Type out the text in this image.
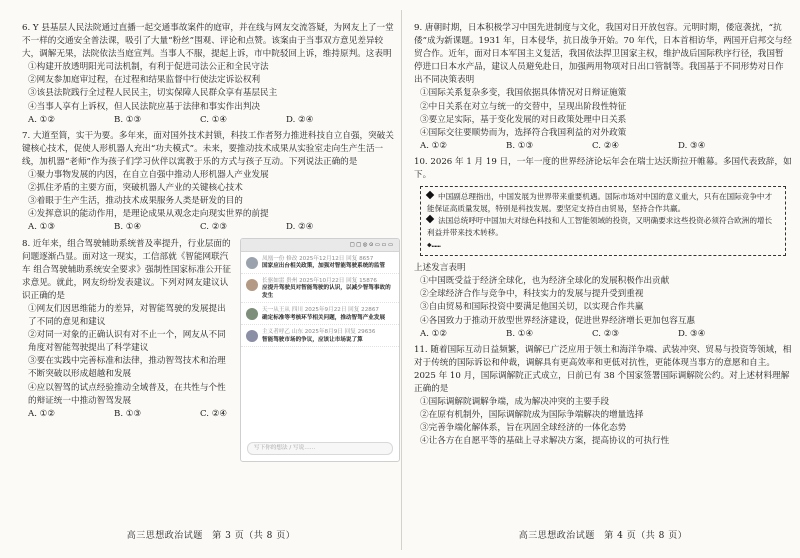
6. Y 县基层人民法院通过直播一起交通事故案件的庭审，并在线与网友交流答疑，为网友上了一堂不一样的交通安全普法课，吸引了大量“粉丝”围观、评论和点赞。该案由于当事双方意见差异较大，调解无果，法院依法当庭宣判。当事人不服，提起上诉，市中院驳回上诉，维持原判。这表明
①构建开放透明阳光司法机制，有利于促进司法公正和全民守法
②网友参加庭审过程，在过程和结果监督中行使法定诉讼权利
③该县法院践行全过程人民民主，切实保障人民群众享有基层民主
④当事人享有上诉权，但人民法院应基于法律和事实作出判决
A. ①②	B. ①③	C. ①④	D. ②④
7. 大道至简，实干为要。多年来，面对国外技术封锁，科技工作者努力推进科技自立自强，突破关键核心技术，促使人形机器人充出“功夫模式”。未来，要推动技术成果从实验室走向生产生活一线，加机器“老师”作为孩子们学习伙伴以寓教于乐的方式与孩子互动。下列说法正确的是
①聚力事物发展的内因，在自立自强中推动人形机器人产业发展
②抓住矛盾的主要方面，突破机器人产业的关键核心技术
③着眼于生产生活，推动技术成果服务人类是研发的目的
④发挥意识的能动作用，是理论成果从观念走向现实世界的前提
A. ①③	B. ①④	C. ②③	D. ②④
8. 近年来，组合驾驶辅助系统普及率提升，行业层面的问题逐渐凸显。面对这一现实，工信部就《智能网联汽车 组合驾驶辅助系统安全要求》强制性国家标准公开征求意见。就此，网友纷纷发表建议。下列对网友建议认识正确的是
①网友们因思维能力的差异，对智能驾驶的发展提出了不同的意见和建议
②对同一对象的正确认识有对不止一个，网友从不同角度对智能驾驶提出了科学建议
③要在实践中完善标准和法律，推动智驾技术和治理不断突破以形成超越和发展
④应以智驾的试点经验推动全域普及，在共性与个性的辩证统一中推动智驾发展
A. ①②	B. ①③	C. ②④
□ □ ◎ ⊙ ▭ ▭ ▭
凤凰一份 修改 2025年12月12日 回复 8657
国家应出台相关政策，加强对智能驾驶系统的监管
长驱如雷 贵州 2025年10月22日 回复 15876
应提升驾驶员对智能驾驶的认识，以减少智驾事故的发生
天一从王从 四川 2025年9月22日 回复 22867
确定标准等考核环节相关问题，推动智驾产业发展
主义者呼乙 山东 2025年8月9日 回复 29636
智能驾驶市场的争议，应该让市场说了算
写下你的想法 / 写说……
9. 唐朝时期，日本积极学习中国先进制度与文化，我国对日开放包容。元明时期，倭寇袭扰，“抗倭”成为新课题。1931 年，日本侵华，抗日战争开始。70 年代，日本首相访华，两国开启邦交与经贸合作。近年，面对日本军国主义复活，我国依法捍卫国家主权，维护战后国际秩序行径，我国暂停进口日本水产品，建议人员避免赴日，加强两用物项对日出口管制等。我国基于不同形势对日作出不同决策表明
①国际关系复杂多变，我国依据具体情况对日辩证施策
②中日关系在对立与统一的交替中，呈现出阶段性特征
③要立足实际，基于变化发展的对日政策处理中日关系
④国际交往要顺势而为，选择符合我国利益的对外政策
A. ①②	B. ①③	C. ②④	D. ③④
10. 2026 年 1 月 19 日，一年一度的世界经济论坛年会在瑞士达沃斯拉开帷幕。多国代表致辞，如下。
中国副总理指出，中国发展为世界带来重要机遇。国际市场对中国的意义重大，只有在国际竞争中才能保证高质量发展，特别是科技发展。要坚定支持自由贸易，坚持合作共赢。
法国总统呼吁中国加大对绿色科技和人工智能领域的投资，又明确要求这些投资必须符合欧洲的增长利益并带来技术转移。
◆……
上述发言表明
①中国既受益于经济全球化，也为经济全球化的发展积极作出贡献
②全球经济合作与竞争中，科技实力的发展与提升受到重视
③自由贸易和国际投资中要满足他国关切，以实现合作共赢
④各国致力于推动开放型世界经济建设，促进世界经济增长更加包容互惠
A. ①②	B. ①④	C. ②③	D. ③④
11. 随着国际互动日益频繁，调解已广泛应用于领土和海洋争端、武装冲突、贸易与投资等领域，相对于传统的国际诉讼和仲裁，调解具有更高效率和更低对抗性，更能体现当事方的意愿和自主。2025 年 10 月，国际调解院正式成立，日前已有 38 个国家签署国际调解院公约。对上述材料理解正确的是
①国际调解院调解争端，成为解决冲突的主要手段
②在原有机制外，国际调解院成为国际争端解决的增量选择
③完善争端化解体系，旨在巩固全球经济的一体化态势
④让各方在自愿平等的基础上寻求解决方案，提高协议的可执行性
高三思想政治试题　第 3 页（共 8 页）	高三思想政治试题　第 4 页（共 8 页）
